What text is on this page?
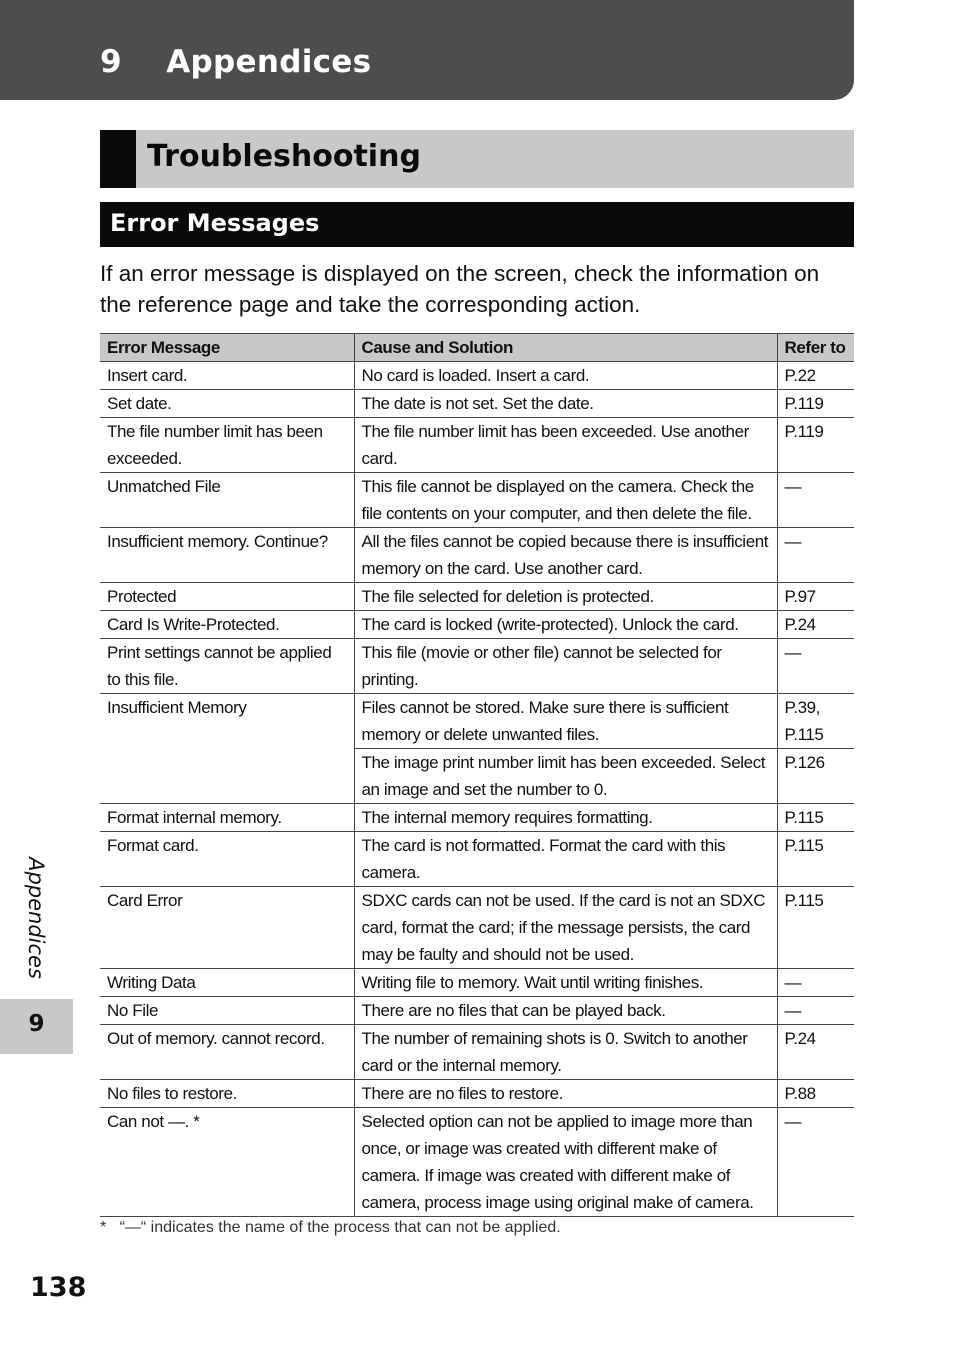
9 Appendices
Troubleshooting
Error Messages

If an error message is displayed on the screen, check the information on the reference page and take the corresponding action.

Error Message	Cause and Solution	Refer to
Insert card.	No card is loaded. Insert a card.	P.22
Set date.	The date is not set. Set the date.	P.119
The file number limit has been exceeded.	The file number limit has been exceeded. Use another card.	P.119
Unmatched File	This file cannot be displayed on the camera. Check the file contents on your computer, and then delete the file.	—
Insufficient memory. Continue?	All the files cannot be copied because there is insufficient memory on the card. Use another card.	—
Protected	The file selected for deletion is protected.	P.97
Card Is Write-Protected.	The card is locked (write-protected). Unlock the card.	P.24
Print settings cannot be applied to this file.	This file (movie or other file) cannot be selected for printing.	—
Insufficient Memory	Files cannot be stored. Make sure there is sufficient memory or delete unwanted files.	P.39, P.115
	The image print number limit has been exceeded. Select an image and set the number to 0.	P.126
Format internal memory.	The internal memory requires formatting.	P.115
Format card.	The card is not formatted. Format the card with this camera.	P.115
Card Error	SDXC cards can not be used. If the card is not an SDXC card, format the card; if the message persists, the card may be faulty and should not be used.	P.115
Writing Data	Writing file to memory. Wait until writing finishes.	—
No File	There are no files that can be played back.	—
Out of memory. cannot record.	The number of remaining shots is 0. Switch to another card or the internal memory.	P.24
No files to restore.	There are no files to restore.	P.88
Can not —. *	Selected option can not be applied to image more than once, or image was created with different make of camera. If image was created with different make of camera, process image using original make of camera.	—

*   “—“ indicates the name of the process that can not be applied.

Appendices

9

138
